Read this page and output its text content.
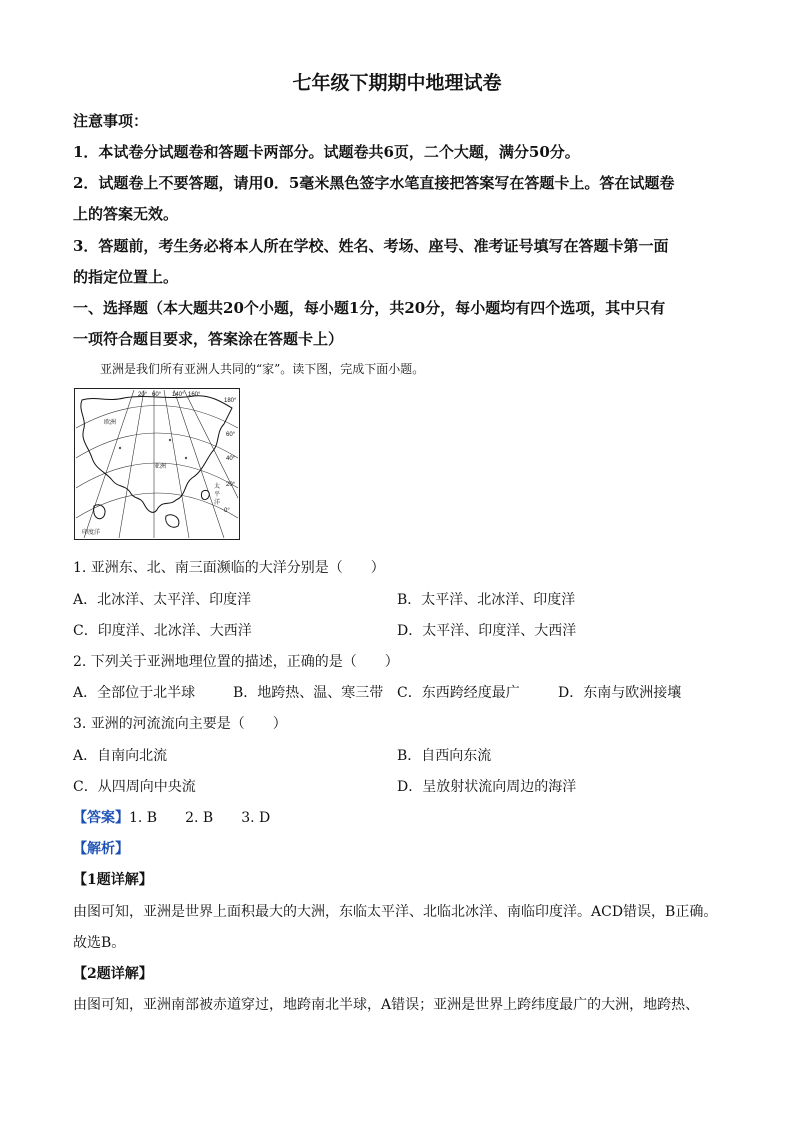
七年级下期期中地理试卷
注意事项：
1．本试卷分试题卷和答题卡两部分。试题卷共6页，二个大题，满分50分。
2．试题卷上不要答题，请用0．5毫米黑色签字水笔直接把答案写在答题卡上。答在试题卷
上的答案无效。
3．答题前，考生务必将本人所在学校、姓名、考场、座号、准考证号填写在答题卡第一面
的指定位置上。
一、选择题（本大题共20个小题，每小题1分，共20分，每小题均有四个选项，其中只有
一项符合题目要求，答案涂在答题卡上）
亚洲是我们所有亚洲人共同的“家”。读下图，完成下面小题。
20° 60° 140° 160°
180°
60°
40°
20°
0°
欧洲
亚洲
太
平
洋
印度洋
1. 亚洲东、北、南三面濒临的大洋分别是（　　）
A．北冰洋、太平洋、印度洋	B．太平洋、北冰洋、印度洋
C．印度洋、北冰洋、大西洋	D．太平洋、印度洋、大西洋
2. 下列关于亚洲地理位置的描述，正确的是（　　）
A．全部位于北半球	B．地跨热、温、寒三带 C．东西跨经度最广	D．东南与欧洲接壤
3. 亚洲的河流流向主要是（　　）
A．自南向北流	B．自西向东流
C．从四周向中央流	D．呈放射状流向周边的海洋
【答案】1. B　　2. B　　3. D
【解析】
【1题详解】
由图可知，亚洲是世界上面积最大的大洲，东临太平洋、北临北冰洋、南临印度洋。ACD错误，B正确。
故选B。
【2题详解】
由图可知，亚洲南部被赤道穿过，地跨南北半球，A错误；亚洲是世界上跨纬度最广的大洲，地跨热、
